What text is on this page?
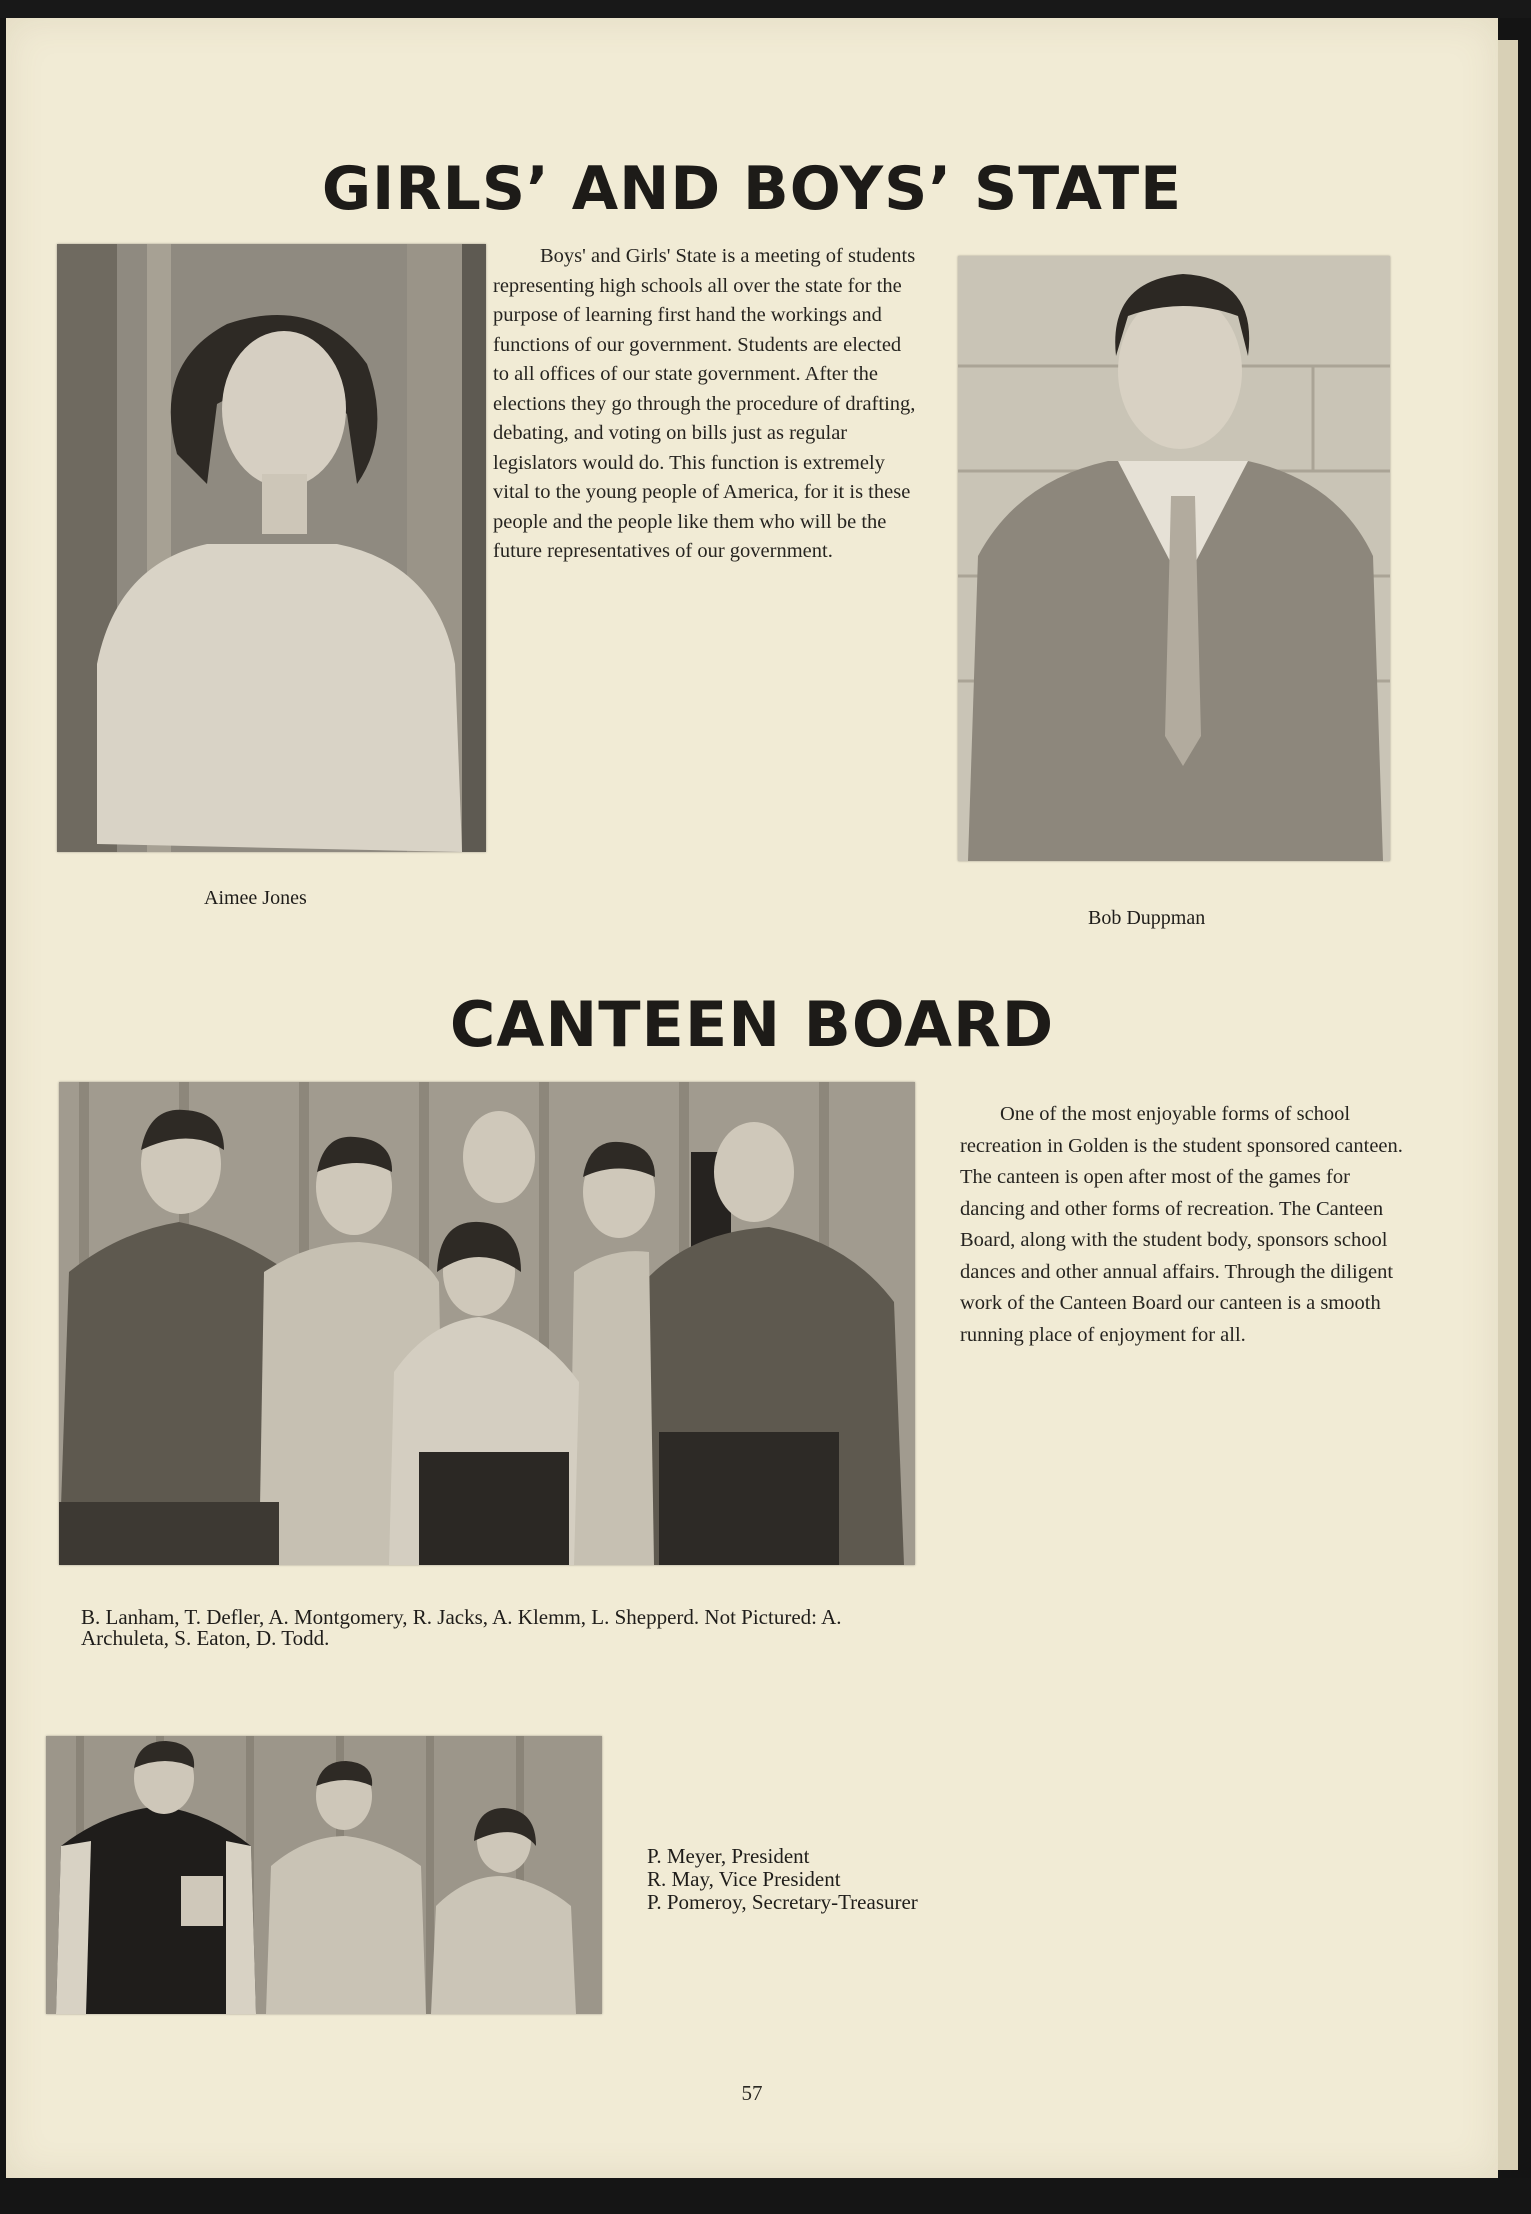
GIRLS’ AND BOYS’ STATE

Boys' and Girls' State is a meeting of students representing high schools all over the state for the purpose of learning first hand the workings and functions of our government. Students are elected to all offices of our state government. After the elections they go through the procedure of drafting, debating, and voting on bills just as regular legislators would do. This function is extremely vital to the young people of America, for it is these people and the people like them who will be the future representatives of our government.

Aimee Jones

Bob Duppman

CANTEEN BOARD

One of the most enjoyable forms of school recreation in Golden is the student sponsored canteen. The canteen is open after most of the games for dancing and other forms of recreation. The Canteen Board, along with the student body, sponsors school dances and other annual affairs. Through the diligent work of the Canteen Board our canteen is a smooth running place of enjoyment for all.

B. Lanham, T. Defler, A. Montgomery, R. Jacks, A. Klemm, L. Shepperd. Not Pictured: A. Archuleta, S. Eaton, D. Todd.

P. Meyer, President
R. May, Vice President
P. Pomeroy, Secretary-Treasurer
57
